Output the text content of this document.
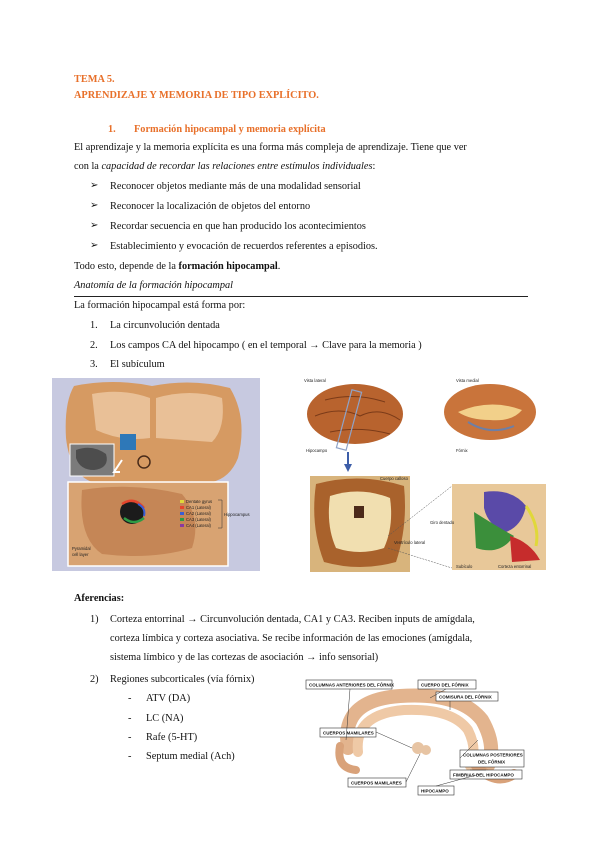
TEMA 5.
APRENDIZAJE Y MEMORIA DE TIPO EXPLÍCITO.
1. Formación hipocampal y memoria explícita
El aprendizaje y la memoria explícita es una forma más compleja de aprendizaje. Tiene que ver
con la capacidad de recordar las relaciones entre estímulos individuales:
➢ Reconocer objetos mediante más de una modalidad sensorial
➢ Reconocer la localización de objetos del entorno
➢ Recordar secuencia en que han producido los acontecimientos
➢ Establecimiento y evocación de recuerdos referentes a episodios.
Todo esto, depende de la formación hipocampal.
Anatomía de la formación hipocampal
La formación hipocampal está forma por:
1. La circunvolución dentada
2. Los campos CA del hipocampo ( en el temporal → Clave para la memoria )
3. El subículum
Dentate gyrus
CA1 (Lateral)
CA2 (Lateral)
CA3 (Lateral)
CA4 (Lateral)
Hippocampus
Pyramidal
cell layer
Vista lateral	Vista medial
Hipocampo	Fórnix
Cuerpo calloso
Ventrículo lateral
Giro dentado
Subículo	Corteza entorrinal
Aferencias:
1) Corteza entorrinal → Circunvolución dentada, CA1 y CA3. Reciben inputs de amígdala,
corteza límbica y corteza asociativa. Se recibe información de las emociones (amígdala,
sistema límbico y de las cortezas de asociación → info sensorial)
2) Regiones subcorticales (vía fórnix)
- ATV (DA)
- LC (NA)
- Rafe (5-HT)
- Septum medial (Ach)
COLUMNAS ANTERIORES DEL FÓRNIX	CUERPO DEL FÓRNIX
COMISURA DEL FÓRNIX
CUERPOS MAMILARES
COLUMNAS POSTERIORES
DEL FÓRNIX
FIMBRIAS DEL HIPOCAMPO
CUERPOS MAMILARES
HIPOCAMPO
